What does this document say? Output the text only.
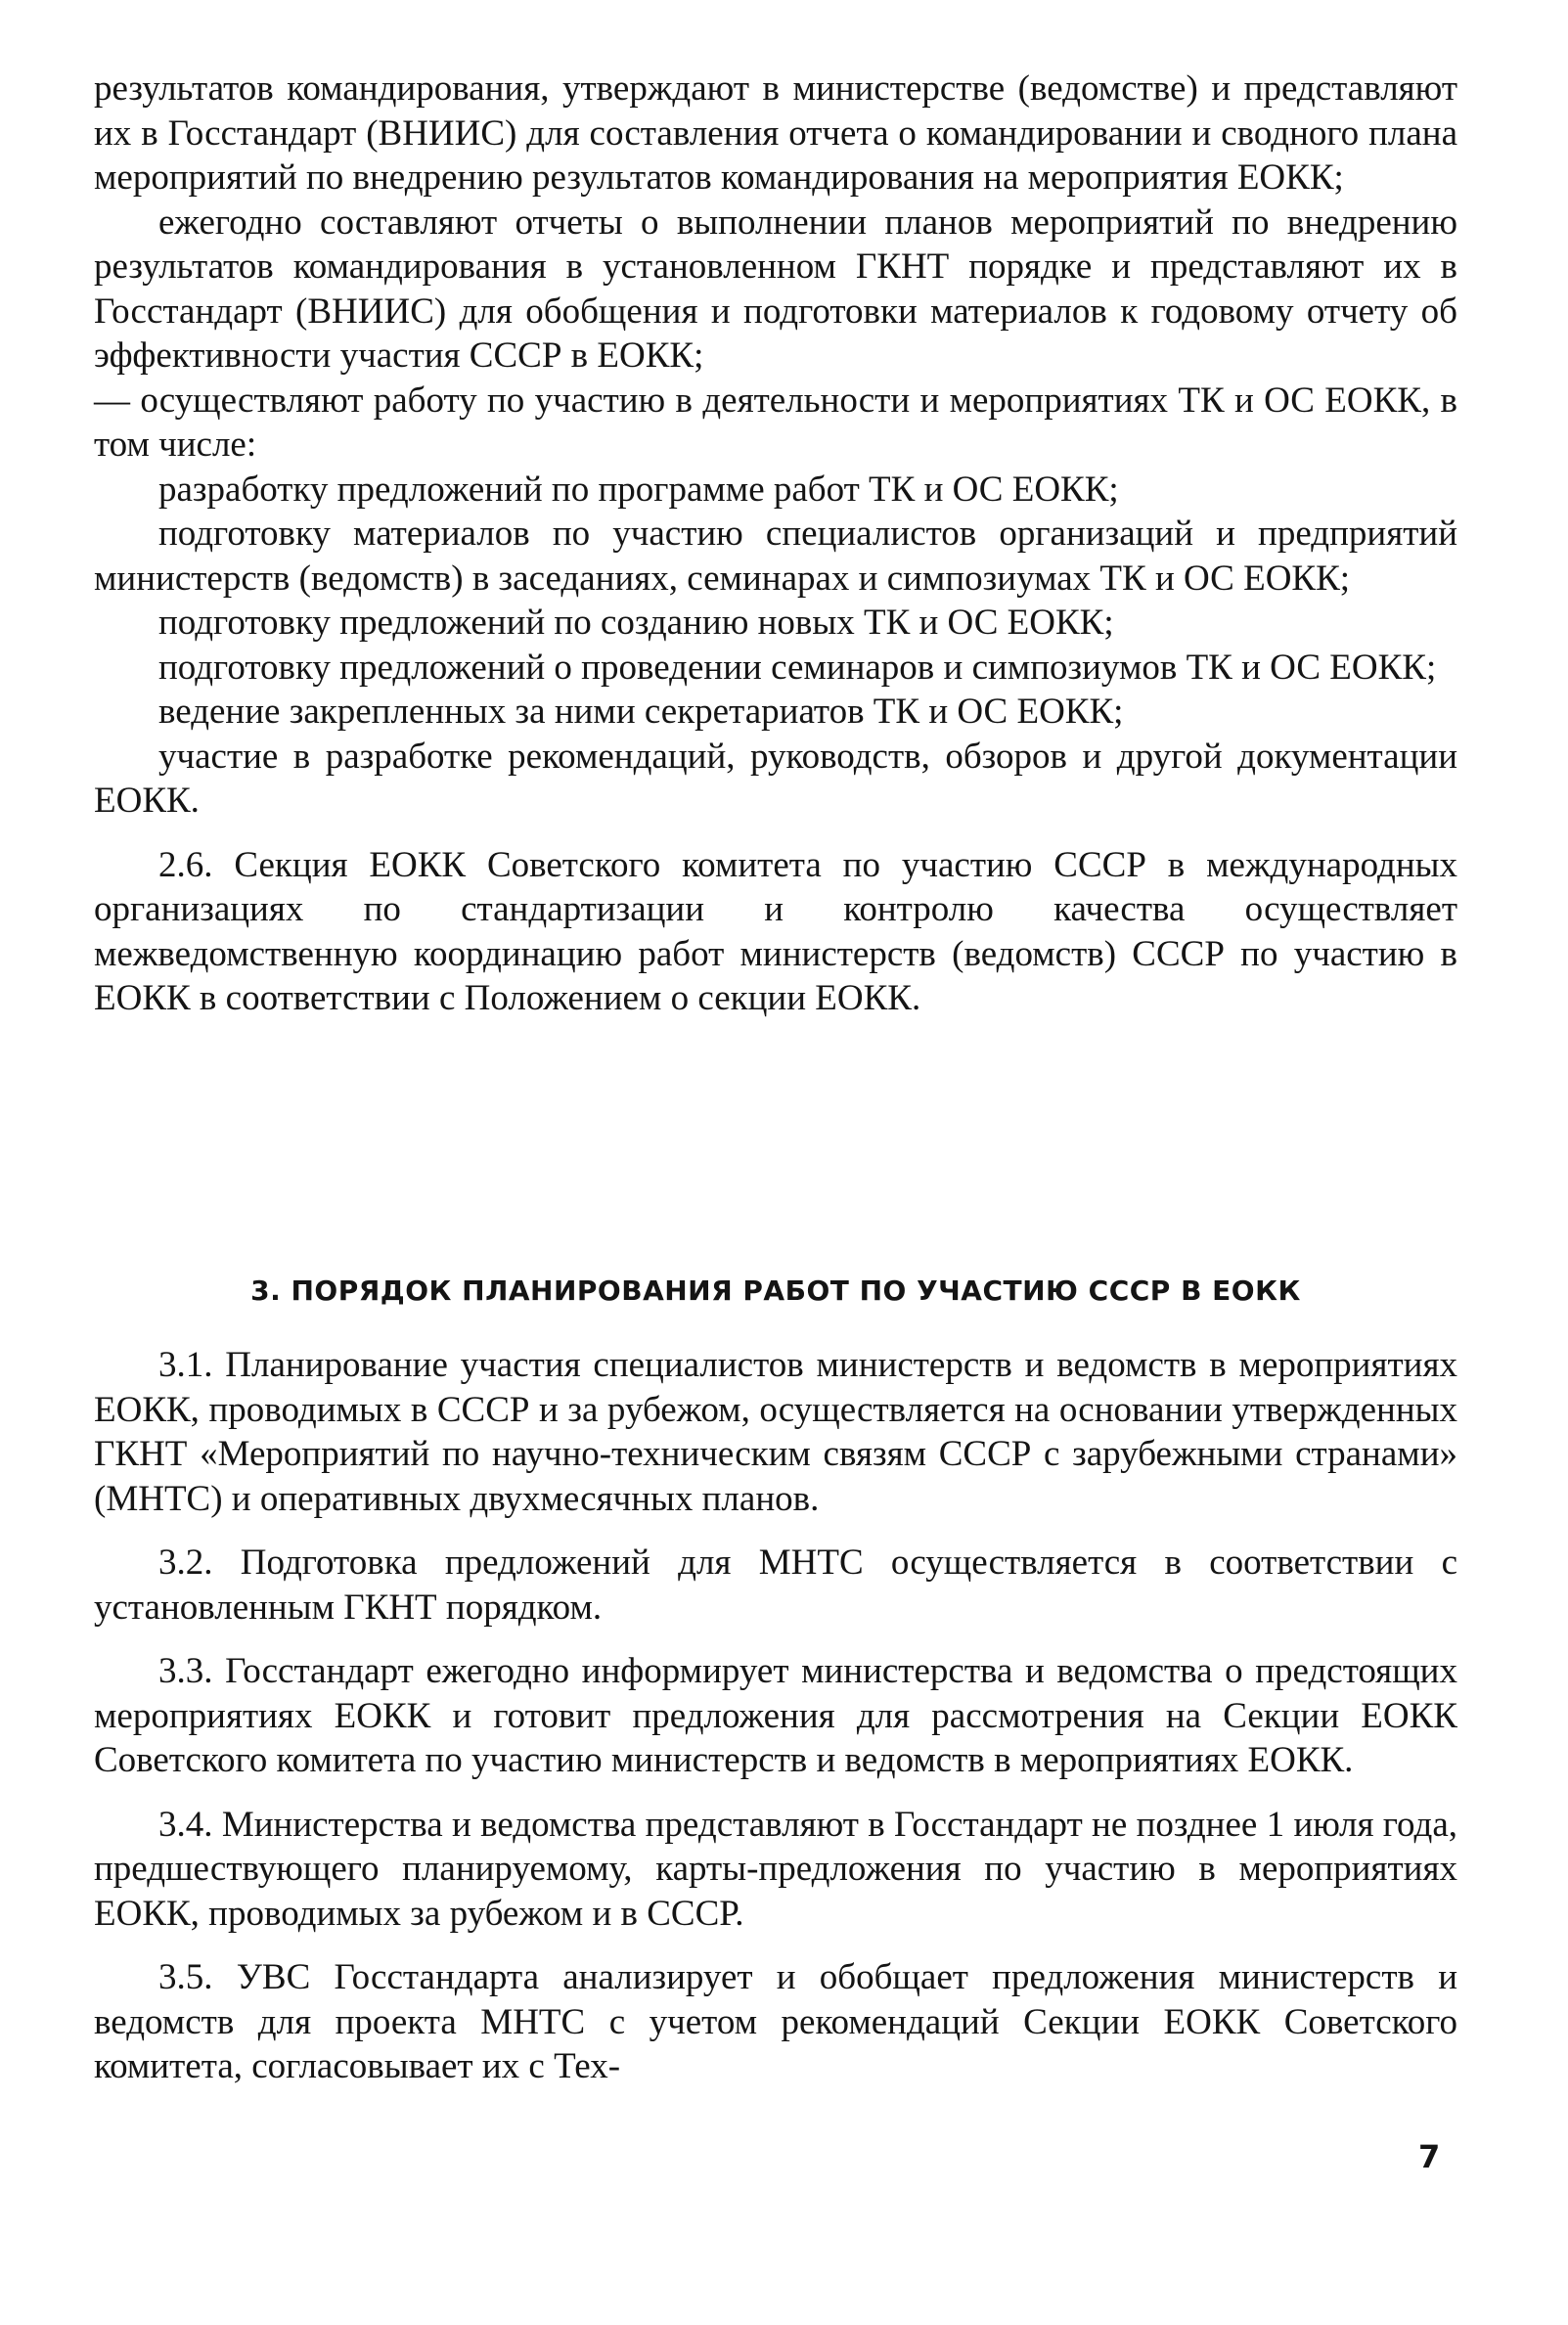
результатов командирования, утверждают в министерстве (ведомстве) и представляют их в Госстандарт (ВНИИС) для составления отчета о командировании и сводного плана мероприятий по внедрению результатов командирования на мероприятия ЕОКК;

ежегодно составляют отчеты о выполнении планов мероприятий по внедрению результатов командирования в установленном ГКНТ порядке и представляют их в Госстандарт (ВНИИС) для обобщения и подготовки материалов к годовому отчету об эффективности участия СССР в ЕОКК;

— осуществляют работу по участию в деятельности и мероприятиях ТК и ОС ЕОКК, в том числе:

разработку предложений по программе работ ТК и ОС ЕОКК;

подготовку материалов по участию специалистов организаций и предприятий министерств (ведомств) в заседаниях, семинарах и симпозиумах ТК и ОС ЕОКК;

подготовку предложений по созданию новых ТК и ОС ЕОКК;

подготовку предложений о проведении семинаров и симпозиумов ТК и ОС ЕОКК;

ведение закрепленных за ними секретариатов ТК и ОС ЕОКК;

участие в разработке рекомендаций, руководств, обзоров и другой документации ЕОКК.

2.6. Секция ЕОКК Советского комитета по участию СССР в международных организациях по стандартизации и контролю качества осуществляет межведомственную координацию работ министерств (ведомств) СССР по участию в ЕОКК в соответствии с Положением о секции ЕОКК.

3. ПОРЯДОК ПЛАНИРОВАНИЯ РАБОТ ПО УЧАСТИЮ СССР В ЕОКК

3.1. Планирование участия специалистов министерств и ведомств в мероприятиях ЕОКК, проводимых в СССР и за рубежом, осуществляется на основании утвержденных ГКНТ «Мероприятий по научно-техническим связям СССР с зарубежными странами» (МНТС) и оперативных двухмесячных планов.

3.2. Подготовка предложений для МНТС осуществляется в соответствии с установленным ГКНТ порядком.

3.3. Госстандарт ежегодно информирует министерства и ведомства о предстоящих мероприятиях ЕОКК и готовит предложения для рассмотрения на Секции ЕОКК Советского комитета по участию министерств и ведомств в мероприятиях ЕОКК.

3.4. Министерства и ведомства представляют в Госстандарт не позднее 1 июля года, предшествующего планируемому, карты-предложения по участию в мероприятиях ЕОКК, проводимых за рубежом и в СССР.

3.5. УВС Госстандарта анализирует и обобщает предложения министерств и ведомств для проекта МНТС с учетом рекомендаций Секции ЕОКК Советского комитета, согласовывает их с Тех-

7
